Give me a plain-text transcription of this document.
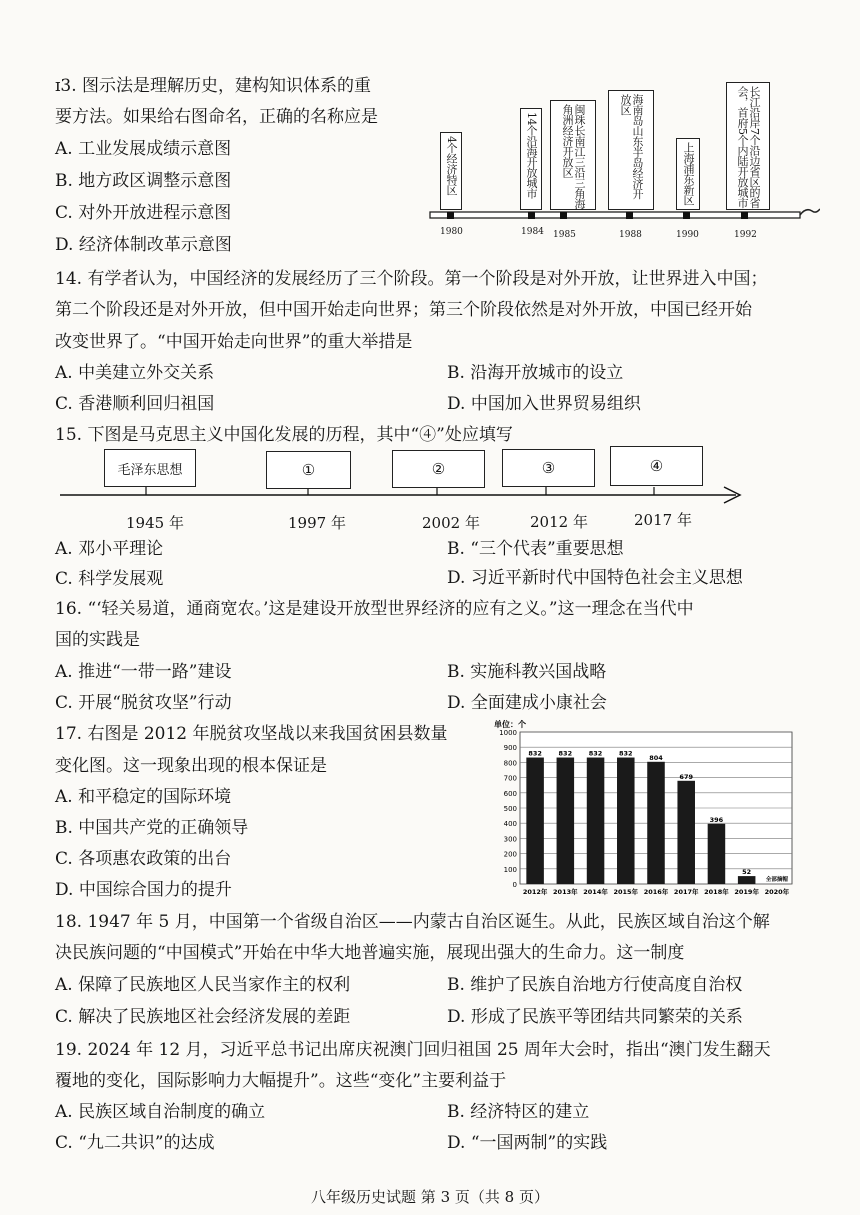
ɪ3. 图示法是理解历史，建构知识体系的重
要方法。如果给右图命名，正确的名称应是
A. 工业发展成绩示意图
B. 地方政区调整示意图
C. 对外开放进程示意图
D. 经济体制改革示意图
4个经济特区	14个沿海开放城市	闽珠长南江三沿三角海角洲经济开放区	海南岛山东半岛经济开放区
上海浦东新区	长江沿岸7个沿边省区的省会，首府5个内陆开放城市
1980	1984 1985	1988	1990	1992
14. 有学者认为，中国经济的发展经历了三个阶段。第一个阶段是对外开放，让世界进入中国；
第二个阶段还是对外开放，但中国开始走向世界；第三个阶段依然是对外开放，中国已经开始
改变世界了。“中国开始走向世界”的重大举措是
A. 中美建立外交关系	B. 沿海开放城市的设立
C. 香港顺利回归祖国	D. 中国加入世界贸易组织
15. 下图是马克思主义中国化发展的历程，其中“④”处应填写
毛泽东思想	①	②	③	④
1945 年	1997 年	2002 年	2012 年	2017 年
A. 邓小平理论	B. “三个代表”重要思想
C. 科学发展观	D. 习近平新时代中国特色社会主义思想
16. “‘轻关易道，通商宽农。’这是建设开放型世界经济的应有之义。”这一理念在当代中
国的实践是
A. 推进“一带一路”建设	B. 实施科教兴国战略
C. 开展“脱贫攻坚”行动	D. 全面建成小康社会
17. 右图是 2012 年脱贫攻坚战以来我国贫困县数量
变化图。这一现象出现的根本保证是
A. 和平稳定的国际环境
B. 中国共产党的正确领导
C. 各项惠农政策的出台
D. 中国综合国力的提升
单位：个
0
100
200
300
400
500
600
700
800
900
1000
832
2012年
832
2013年
832
2014年
832
2015年
804
2016年
679
2017年
396
2018年
52
2019年
全部摘帽
2020年
18. 1947 年 5 月，中国第一个省级自治区——内蒙古自治区诞生。从此，民族区域自治这个解
决民族问题的“中国模式”开始在中华大地普遍实施，展现出强大的生命力。这一制度
A. 保障了民族地区人民当家作主的权利	B. 维护了民族自治地方行使高度自治权
C. 解决了民族地区社会经济发展的差距	D. 形成了民族平等团结共同繁荣的关系
19. 2024 年 12 月，习近平总书记出席庆祝澳门回归祖国 25 周年大会时，指出“澳门发生翻天
覆地的变化，国际影响力大幅提升”。这些“变化”主要利益于
A. 民族区域自治制度的确立	B. 经济特区的建立
C. “九二共识”的达成	D. “一国两制”的实践
八年级历史试题 第 3 页（共 8 页）
